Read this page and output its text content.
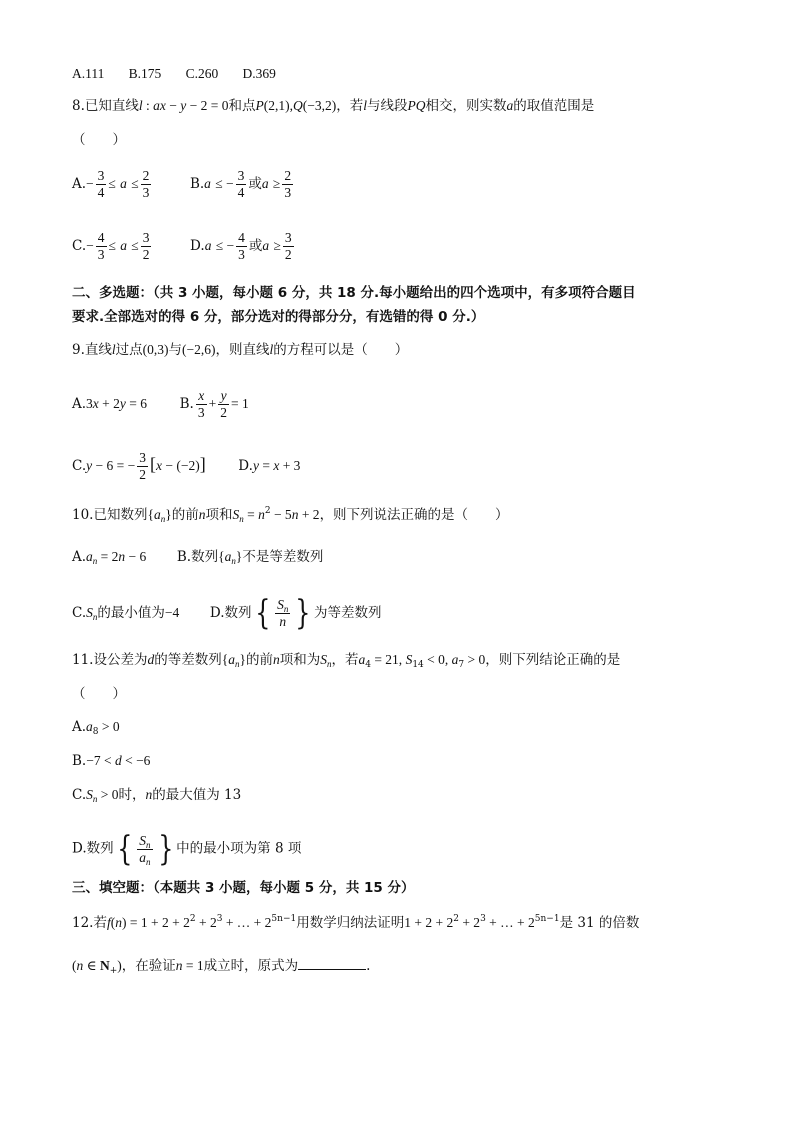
A.111 B.175 C.260 D.369
8.已知直线l : ax − y − 2 = 0和点P(2,1),Q(−3,2)，若l与线段PQ相交，则实数a的取值范围是
（　　）
$A.- \frac{3}{4} \le a \le \frac{2}{3}$	B.a ≤ − $\frac{3}{4}$ 或$a \ge \frac{2}{3}$
$C.- \frac{4}{3} \le a \le \frac{3}{2}$	D.a ≤ − $\frac{4}{3}$ 或$a \ge \frac{3}{2}$
二、多选题：（共 3 小题，每小题 6 分，共 18 分.每小题给出的四个选项中，有多项符合题目
要求.全部选对的得 6 分，部分选对的得部分分，有选错的得 0 分.）
9.直线l过点(0,3)与(−2,6)，则直线l的方程可以是（　　）
A.3x + 2y = 6 B. $\frac{x}{3} + \frac{y}{2} = 1$
C.y − 6 = − $\frac{3}{2} [x - (-2)] D.y = x + 3$
10.已知数列$\{a_n\}$的前n项和$S_n = n^2 - 5n + 2$，则下列说法正确的是（　　）
$A.a_n = 2n - 6$ B.数列$\{a_n\}$不是等差数列
$C.S_n$的最小值为−4 D.数列{ $\frac{S_n}{n}$ } 为等差数列
11.设公差为d的等差数列$\{a_n\}$的前n项和为$S_n$，若$a_4 = 21$, $S_{14} < 0$, $a_7 > 0$，则下列结论正确的是
（　　）
$A.a_8 > 0$
B.−7 < d < −6
$C.S_n > 0$时，n的最大值为 13
D.数列{ $\frac{S_n}{a_n}$ } 中的最小项为第 8 项
三、填空题：（本题共 3 小题，每小题 5 分，共 15 分）
12.若$f(n) = 1 + 2 + 2^2 + 2^3$ + … + $2^{5n-1}$用数学归纳法证明$1 + 2 + 2^2 + 2^3$ + … + $2^{5n-1}$是 31 的倍数
(n ∈ $N_+$)，在验证n = 1成立时，原式为	.
